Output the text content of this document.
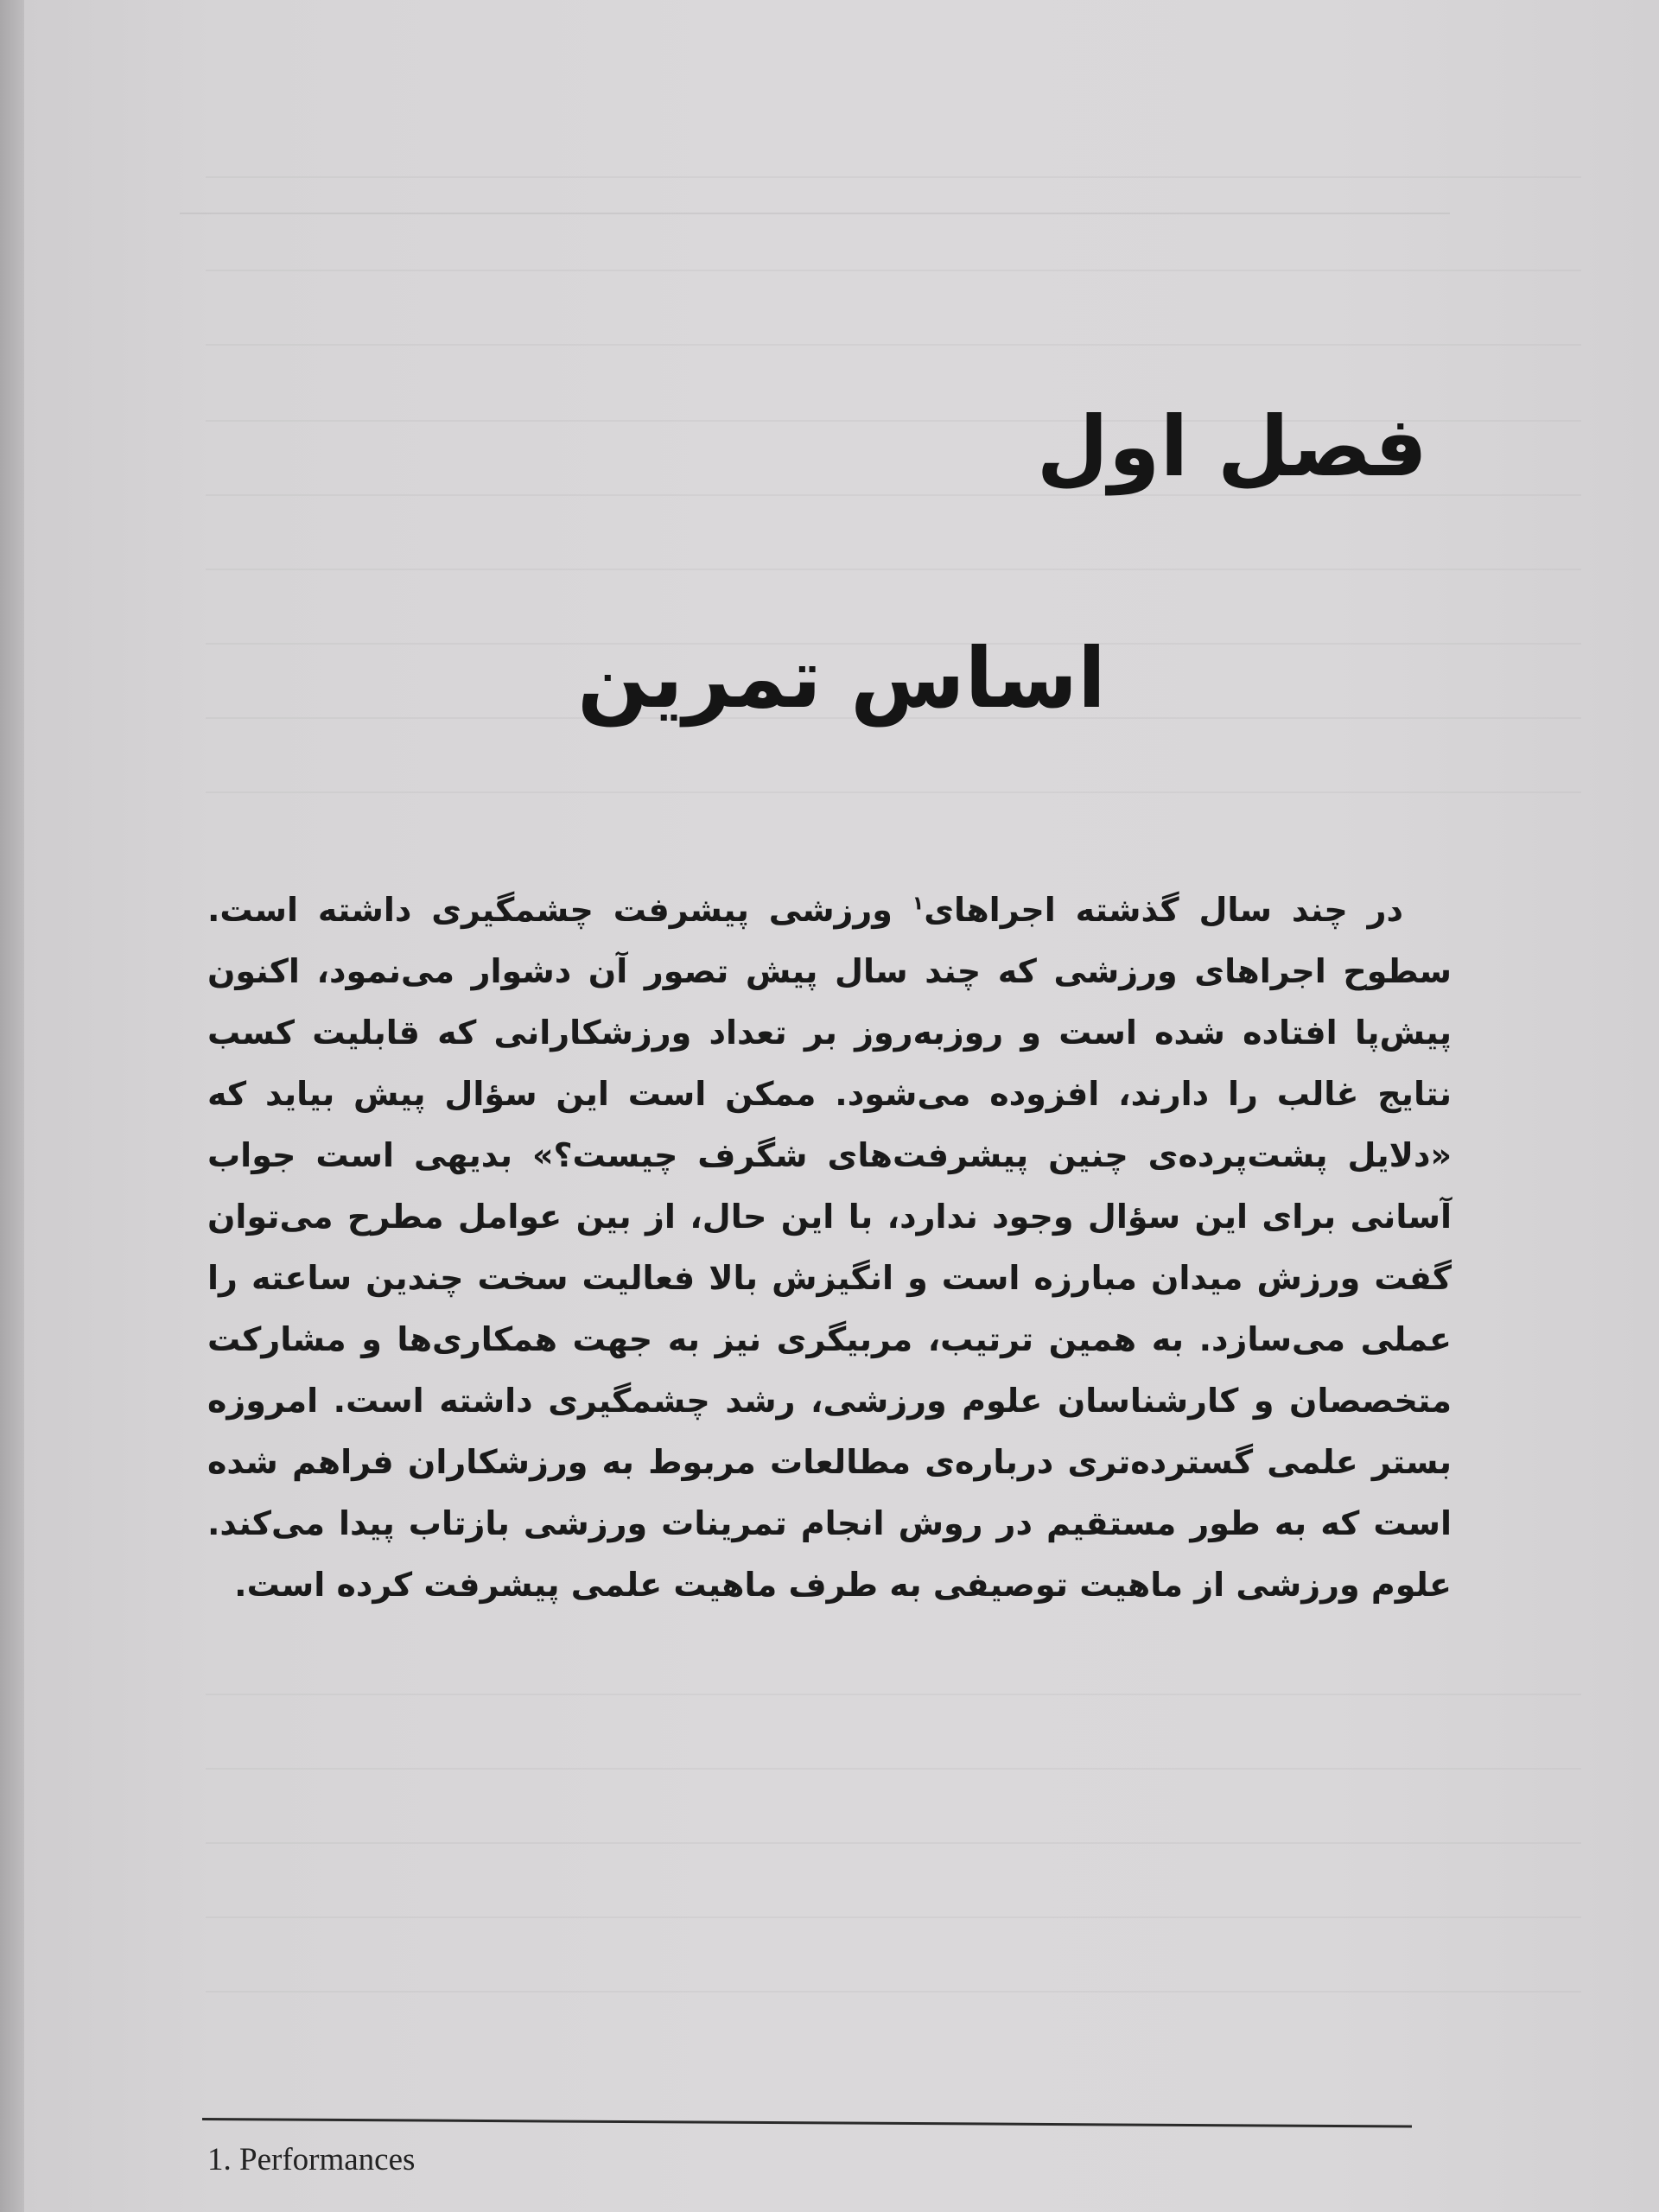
فصل اول
اساس تمرین

در چند سال گذشته اجراهای$^۱$ ورزشی پیشرفت چشمگیری داشته است. سطوح اجراهای ورزشی که چند سال پیش تصور آن دشوار می‌نمود، اکنون پیش‌پا افتاده شده است و روزبه‌روز بر تعداد ورزشکارانی که قابلیت کسب نتایج غالب را دارند، افزوده می‌شود. ممکن است این سؤال پیش بیاید که «دلایل پشت‌پرده‌ی چنین پیشرفت‌های شگرف چیست؟» بدیهی است جواب آسانی برای این سؤال وجود ندارد، با این حال، از بین عوامل مطرح می‌توان گفت ورزش میدان مبارزه است و انگیزش بالا فعالیت سخت چندین ساعته را عملی می‌سازد. به همین ترتیب، مربیگری نیز به جهت همکاری‌ها و مشارکت متخصصان و کارشناسان علوم ورزشی، رشد چشمگیری داشته است. امروزه بستر علمی گسترده‌تری درباره‌ی مطالعات مربوط به ورزشکاران فراهم شده است که به طور مستقیم در روش انجام تمرینات ورزشی بازتاب پیدا می‌کند. علوم ورزشی از ماهیت توصیفی به طرف ماهیت علمی پیشرفت کرده است.

1. Performances
